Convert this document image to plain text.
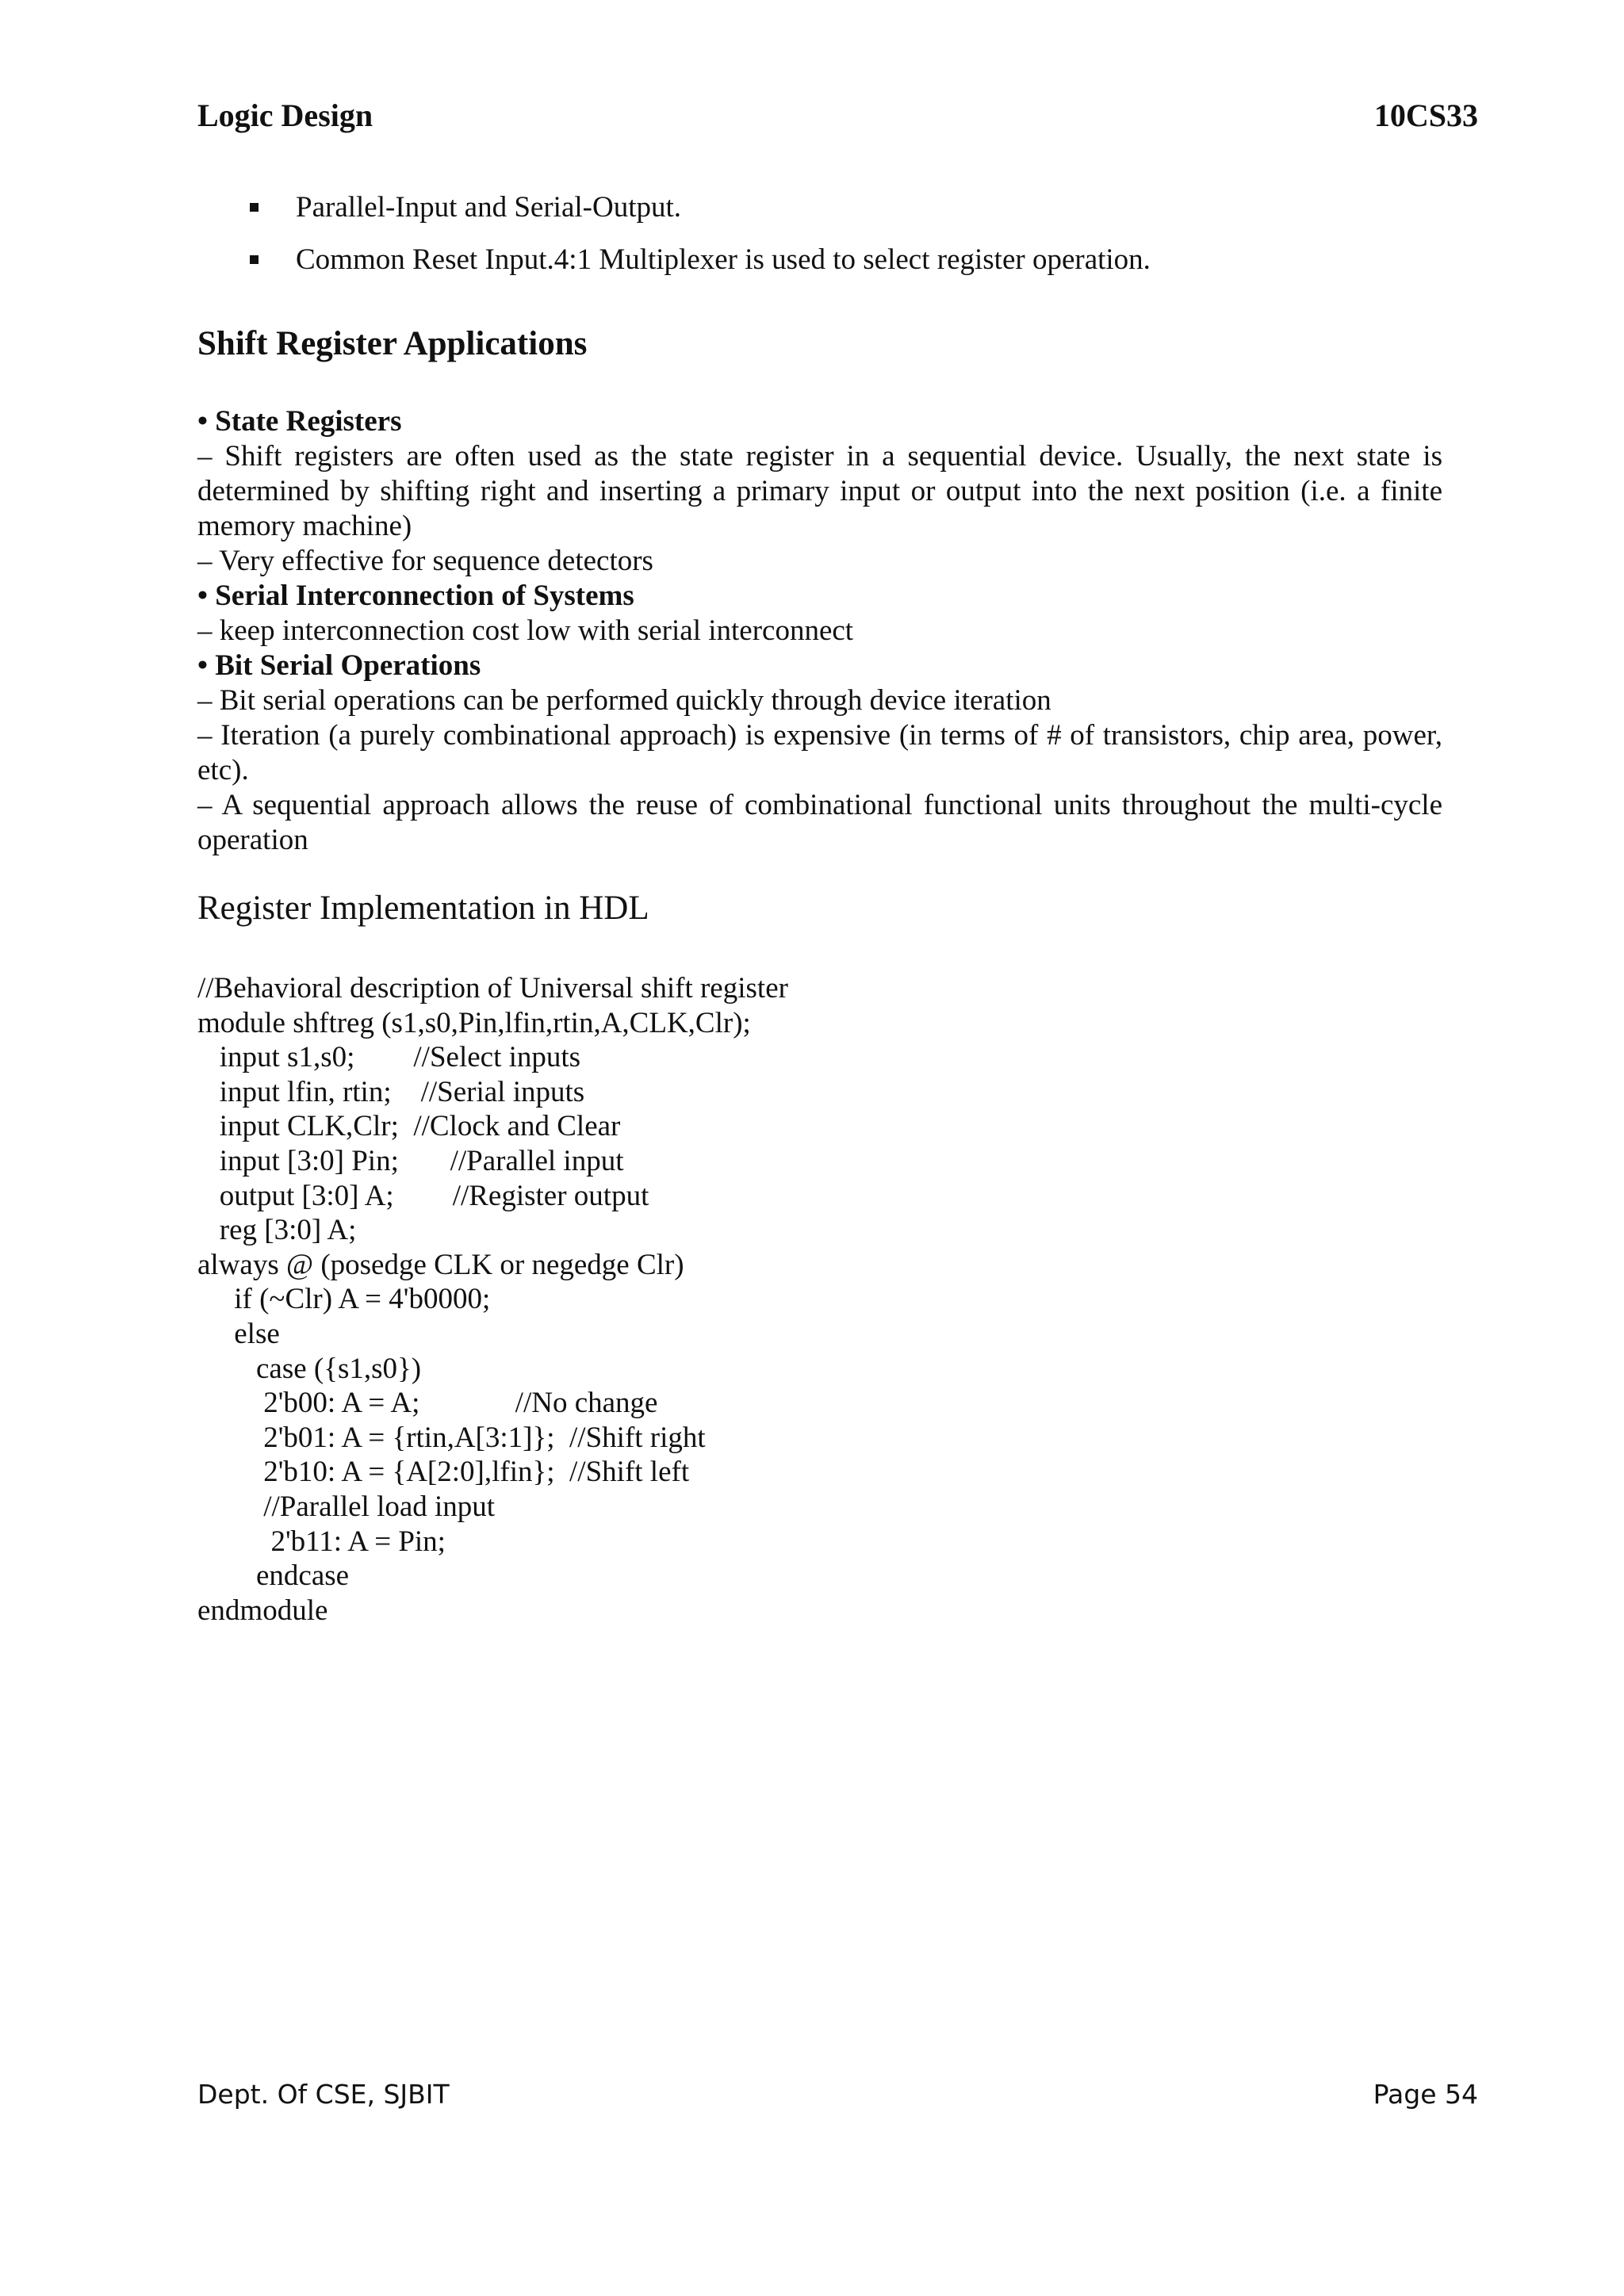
Logic Design	10CS33
Parallel-Input and Serial-Output.
Common Reset Input.4:1 Multiplexer is used to select register operation.
Shift Register Applications

• State Registers

– Shift registers are often used as the state register in a sequential device. Usually, the next state is determined by shifting right and inserting a primary input or output into the next position (i.e. a finite memory machine)

– Very effective for sequence detectors

• Serial Interconnection of Systems

– keep interconnection cost low with serial interconnect

• Bit Serial Operations

– Bit serial operations can be performed quickly through device iteration

– Iteration (a purely combinational approach) is expensive (in terms of # of transistors, chip area, power, etc).

– A sequential approach allows the reuse of combinational functional units throughout the multi-cycle operation

Register Implementation in HDL
//Behavioral description of Universal shift register
module shftreg (s1,s0,Pin,lfin,rtin,A,CLK,Clr);
input s1,s0;        //Select inputs
input lfin, rtin;    //Serial inputs
input CLK,Clr;  //Clock and Clear
input [3:0] Pin;       //Parallel input
output [3:0] A;        //Register output
reg [3:0] A;
always @ (posedge CLK or negedge Clr)
if (~Clr) A = 4'b0000;
else
case ({s1,s0})
2'b00: A = A;             //No change
2'b01: A = {rtin,A[3:1]};  //Shift right
2'b10: A = {A[2:0],lfin};  //Shift left
//Parallel load input
2'b11: A = Pin;
endcase
endmodule
Dept. Of CSE, SJBIT	Page 54
